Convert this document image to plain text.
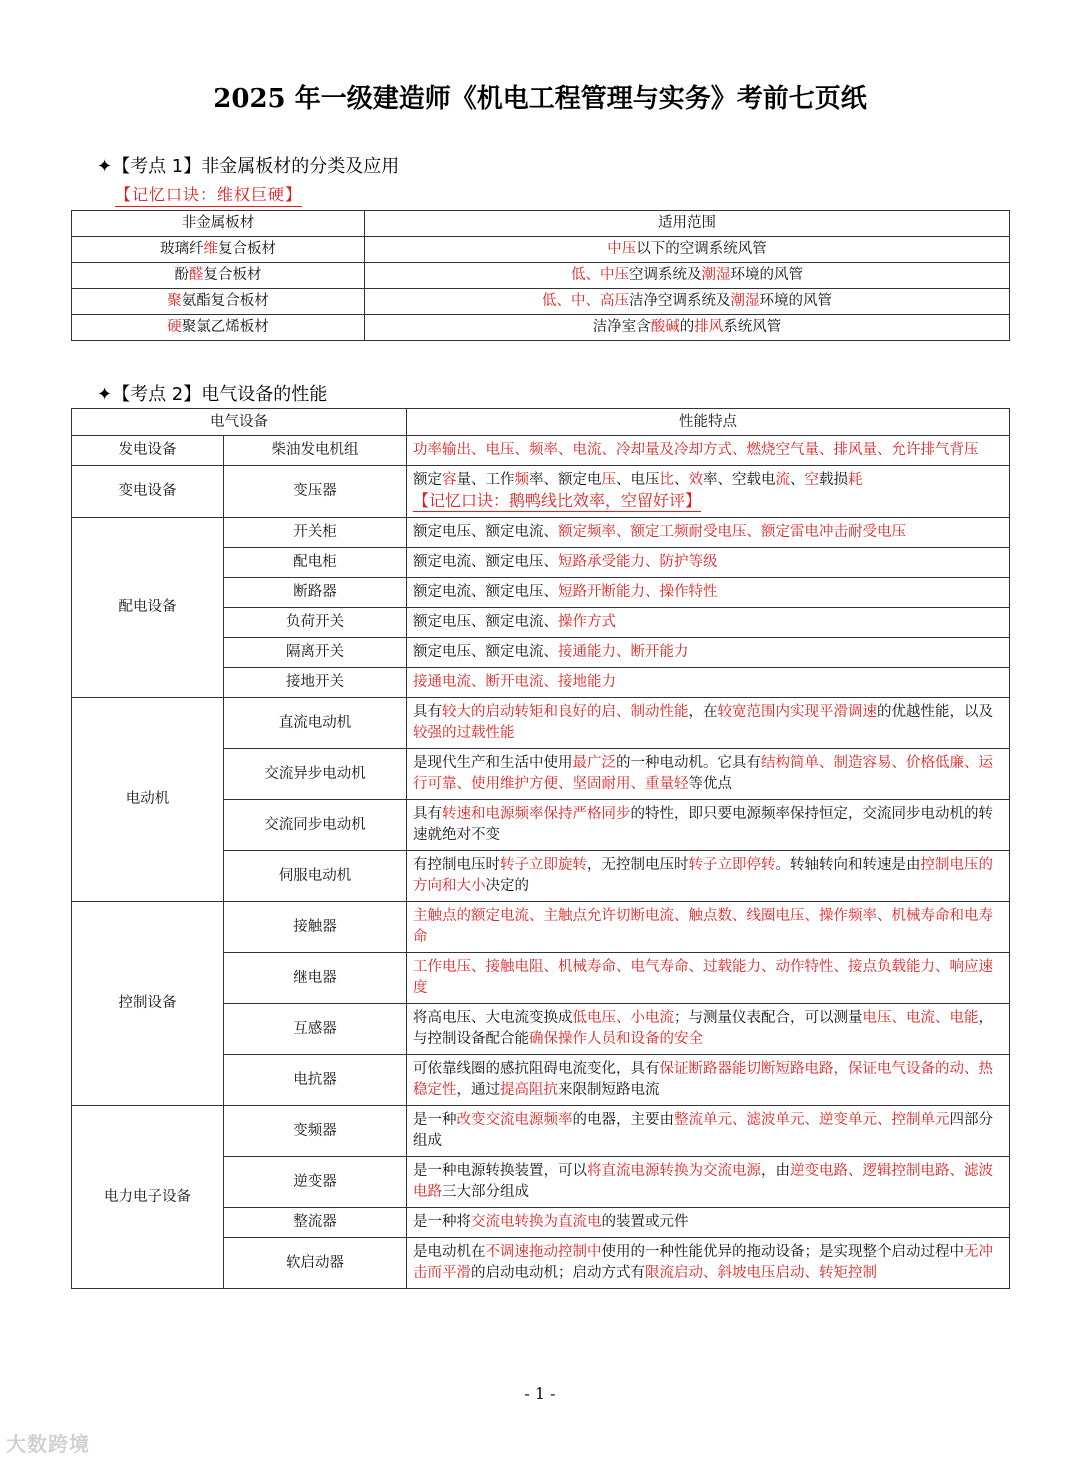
2025 年一级建造师《机电工程管理与实务》考前七页纸
✦【考点 1】非金属板材的分类及应用
【记忆口诀：维权巨硬】
非金属板材	适用范围
玻璃纤维复合板材	中压以下的空调系统风管
酚醛复合板材	低、中压空调系统及潮湿环境的风管
聚氨酯复合板材	低、中、高压洁净空调系统及潮湿环境的风管
硬聚氯乙烯板材	洁净室含酸碱的排风系统风管
✦【考点 2】电气设备的性能
电气设备		性能特点
发电设备	柴油发电机组	功率输出、电压、频率、电流、冷却量及冷却方式、燃烧空气量、排风量、允许排气背压
变电设备	变压器	额定容量、工作频率、额定电压、电压比、效率、空载电流、空载损耗
【记忆口诀：鹅鸭线比效率，空留好评】
配电设备	开关柜	额定电压、额定电流、额定频率、额定工频耐受电压、额定雷电冲击耐受电压
	配电柜	额定电流、额定电压、短路承受能力、防护等级
	断路器	额定电流、额定电压、短路开断能力、操作特性
	负荷开关	额定电压、额定电流、操作方式
	隔离开关	额定电压、额定电流、接通能力、断开能力
	接地开关	接通电流、断开电流、接地能力
电动机	直流电动机	具有较大的启动转矩和良好的启、制动性能，在较宽范围内实现平滑调速的优越性能，以及较强的过载性能
	交流异步电动机	是现代生产和生活中使用最广泛的一种电动机。它具有结构简单、制造容易、价格低廉、运行可靠、使用维护方便、坚固耐用、重量轻等优点
	交流同步电动机	具有转速和电源频率保持严格同步的特性，即只要电源频率保持恒定，交流同步电动机的转速就绝对不变
	伺服电动机	有控制电压时转子立即旋转，无控制电压时转子立即停转。转轴转向和转速是由控制电压的方向和大小决定的
控制设备	接触器	主触点的额定电流、主触点允许切断电流、触点数、线圈电压、操作频率、机械寿命和电寿命
	继电器	工作电压、接触电阻、机械寿命、电气寿命、过载能力、动作特性、接点负载能力、响应速度
	互感器	将高电压、大电流变换成低电压、小电流；与测量仪表配合，可以测量电压、电流、电能，与控制设备配合能确保操作人员和设备的安全
	电抗器	可依靠线圈的感抗阻碍电流变化，具有保证断路器能切断短路电路，保证电气设备的动、热稳定性，通过提高阻抗来限制短路电流
电力电子设备	变频器	是一种改变交流电源频率的电器，主要由整流单元、滤波单元、逆变单元、控制单元四部分组成
	逆变器	是一种电源转换装置，可以将直流电源转换为交流电源，由逆变电路、逻辑控制电路、滤波电路三大部分组成
	整流器	是一种将交流电转换为直流电的装置或元件
	软启动器	是电动机在不调速拖动控制中使用的一种性能优异的拖动设备；是实现整个启动过程中无冲击而平滑的启动电动机；启动方式有限流启动、斜坡电压启动、转矩控制
- 1 -
大数跨境
